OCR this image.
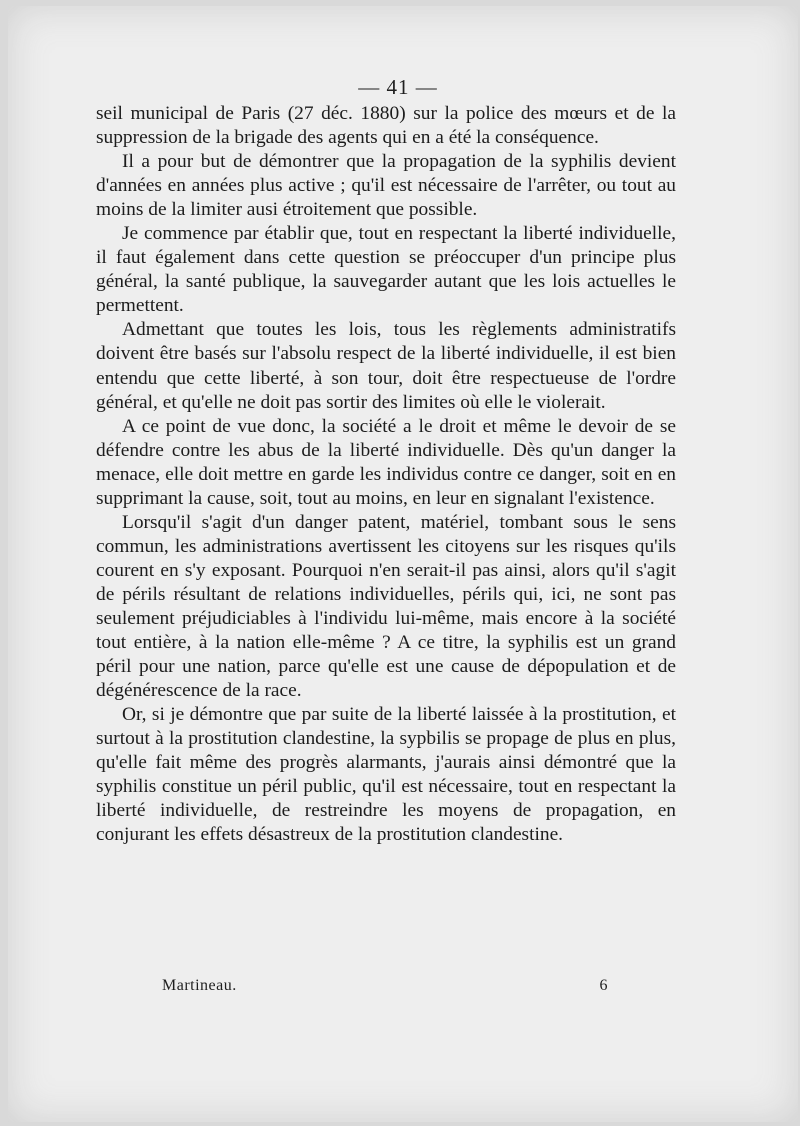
— 41 —

seil municipal de Paris (27 déc. 1880) sur la police des mœurs et de la suppression de la brigade des agents qui en a été la conséquence.

Il a pour but de démontrer que la propagation de la syphilis devient d'années en années plus active ; qu'il est nécessaire de l'arrêter, ou tout au moins de la limiter ausi étroitement que possible.

Je commence par établir que, tout en respectant la liberté individuelle, il faut également dans cette question se préoccuper d'un principe plus général, la santé publique, la sauvegarder autant que les lois actuelles le permettent.

Admettant que toutes les lois, tous les règlements administratifs doivent être basés sur l'absolu respect de la liberté individuelle, il est bien entendu que cette liberté, à son tour, doit être respectueuse de l'ordre général, et qu'elle ne doit pas sortir des limites où elle le violerait.

A ce point de vue donc, la société a le droit et même le devoir de se défendre contre les abus de la liberté individuelle. Dès qu'un danger la menace, elle doit mettre en garde les individus contre ce danger, soit en en supprimant la cause, soit, tout au moins, en leur en signalant l'existence.

Lorsqu'il s'agit d'un danger patent, matériel, tombant sous le sens commun, les administrations avertissent les citoyens sur les risques qu'ils courent en s'y exposant. Pourquoi n'en serait-il pas ainsi, alors qu'il s'agit de périls résultant de relations individuelles, périls qui, ici, ne sont pas seulement préjudiciables à l'individu lui-même, mais encore à la société tout entière, à la nation elle-même ? A ce titre, la syphilis est un grand péril pour une nation, parce qu'elle est une cause de dépopulation et de dégénérescence de la race.

Or, si je démontre que par suite de la liberté laissée à la prostitution, et surtout à la prostitution clandestine, la sypbilis se propage de plus en plus, qu'elle fait même des progrès alarmants, j'aurais ainsi démontré que la syphilis constitue un péril public, qu'il est nécessaire, tout en respectant la liberté individuelle, de restreindre les moyens de propagation, en conjurant les effets désastreux de la prostitution clandestine.

Martineau.	6
